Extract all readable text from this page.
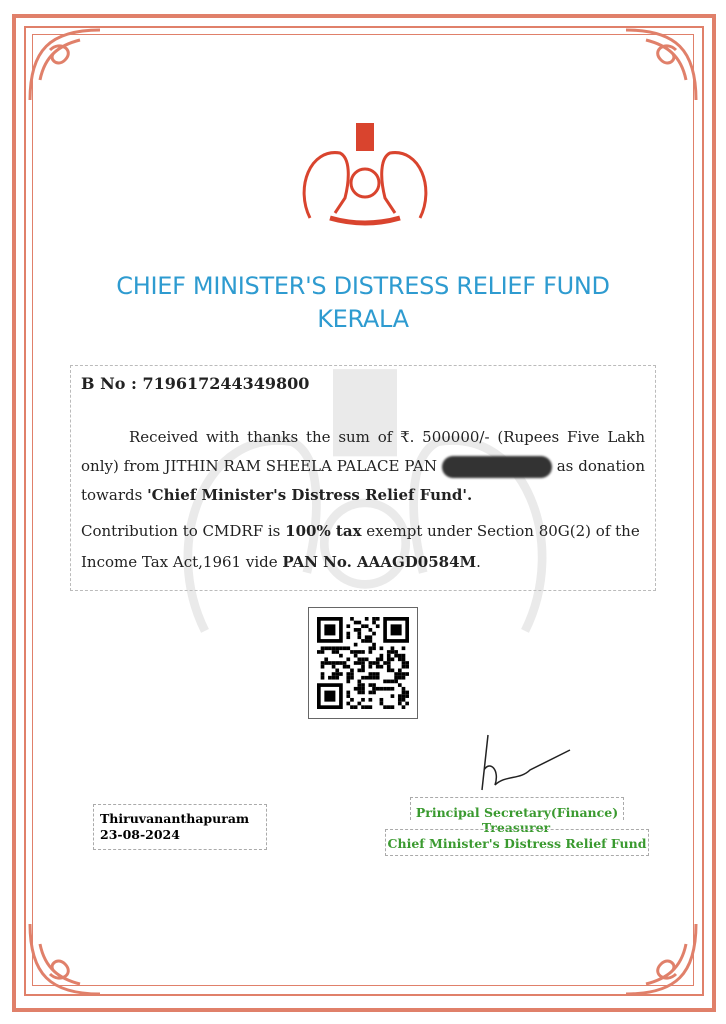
CHIEF MINISTER'S DISTRESS RELIEF FUND
KERALA
B No : 719617244349800
Received with thanks the sum of ₹. 500000/- (Rupees Five Lakh only) from JITHIN RAM SHEELA PALACE PAN	as donation towards 'Chief Minister's Distress Relief Fund'.
Contribution to CMDRF is 100% tax exempt under Section 80G(2) of the Income Tax Act,1961 vide PAN No. AAAGD0584M.
Thiruvananthapuram
23-08-2024
Principal Secretary(Finance)
Treasurer
Chief Minister's Distress Relief Fund
